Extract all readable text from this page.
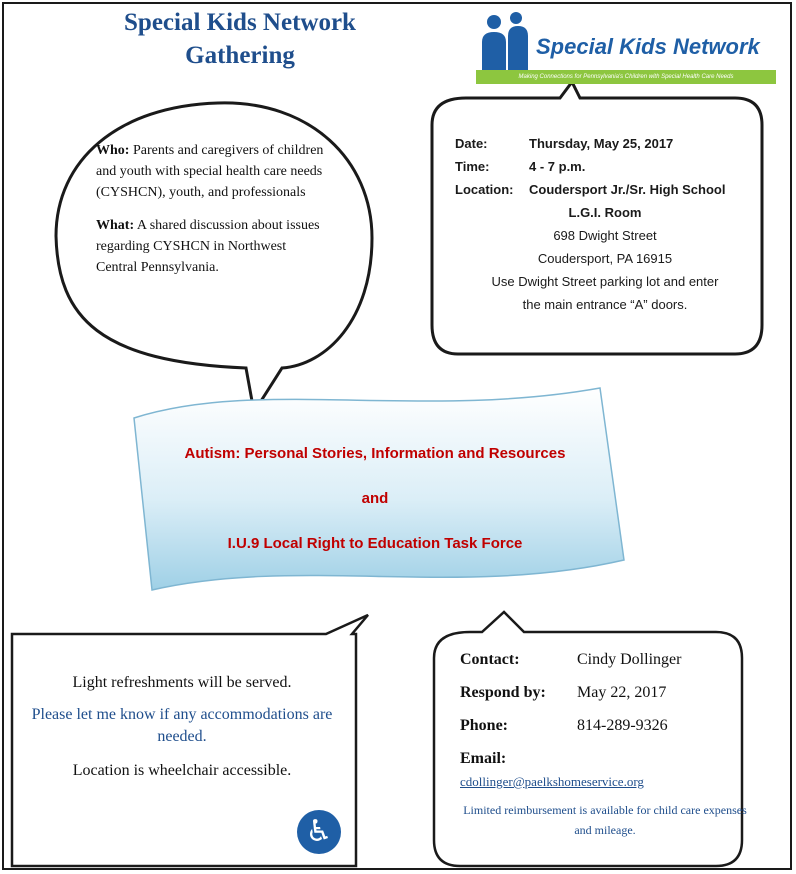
Special Kids Network
Gathering	Special Kids Network
Making Connections for Pennsylvania's Children with Special Health Care Needs

Who: Parents and caregivers of children and youth with special health care needs (CYSHCN), youth, and professionals

What: A shared discussion about issues regarding CYSHCN in Northwest Central Pennsylvania.

Date:	Thursday, May 25, 2017
Time:	4 - 7 p.m.
Location:	Coudersport Jr./Sr. High School
L.G.I. Room
698 Dwight Street
Coudersport, PA 16915
Use Dwight Street parking lot and enter
the main entrance “A” doors.
Autism: Personal Stories, Information and Resources
and
I.U.9 Local Right to Education Task Force
Light refreshments will be served.
Please let me know if any accommodations are needed.
Location is wheelchair accessible.
♿
Contact:	Cindy Dollinger
Respond by:	May 22, 2017
Phone:	814-289-9326
Email:
cdollinger@paelkshomeservice.org
Limited reimbursement is available for child care expenses and mileage.
